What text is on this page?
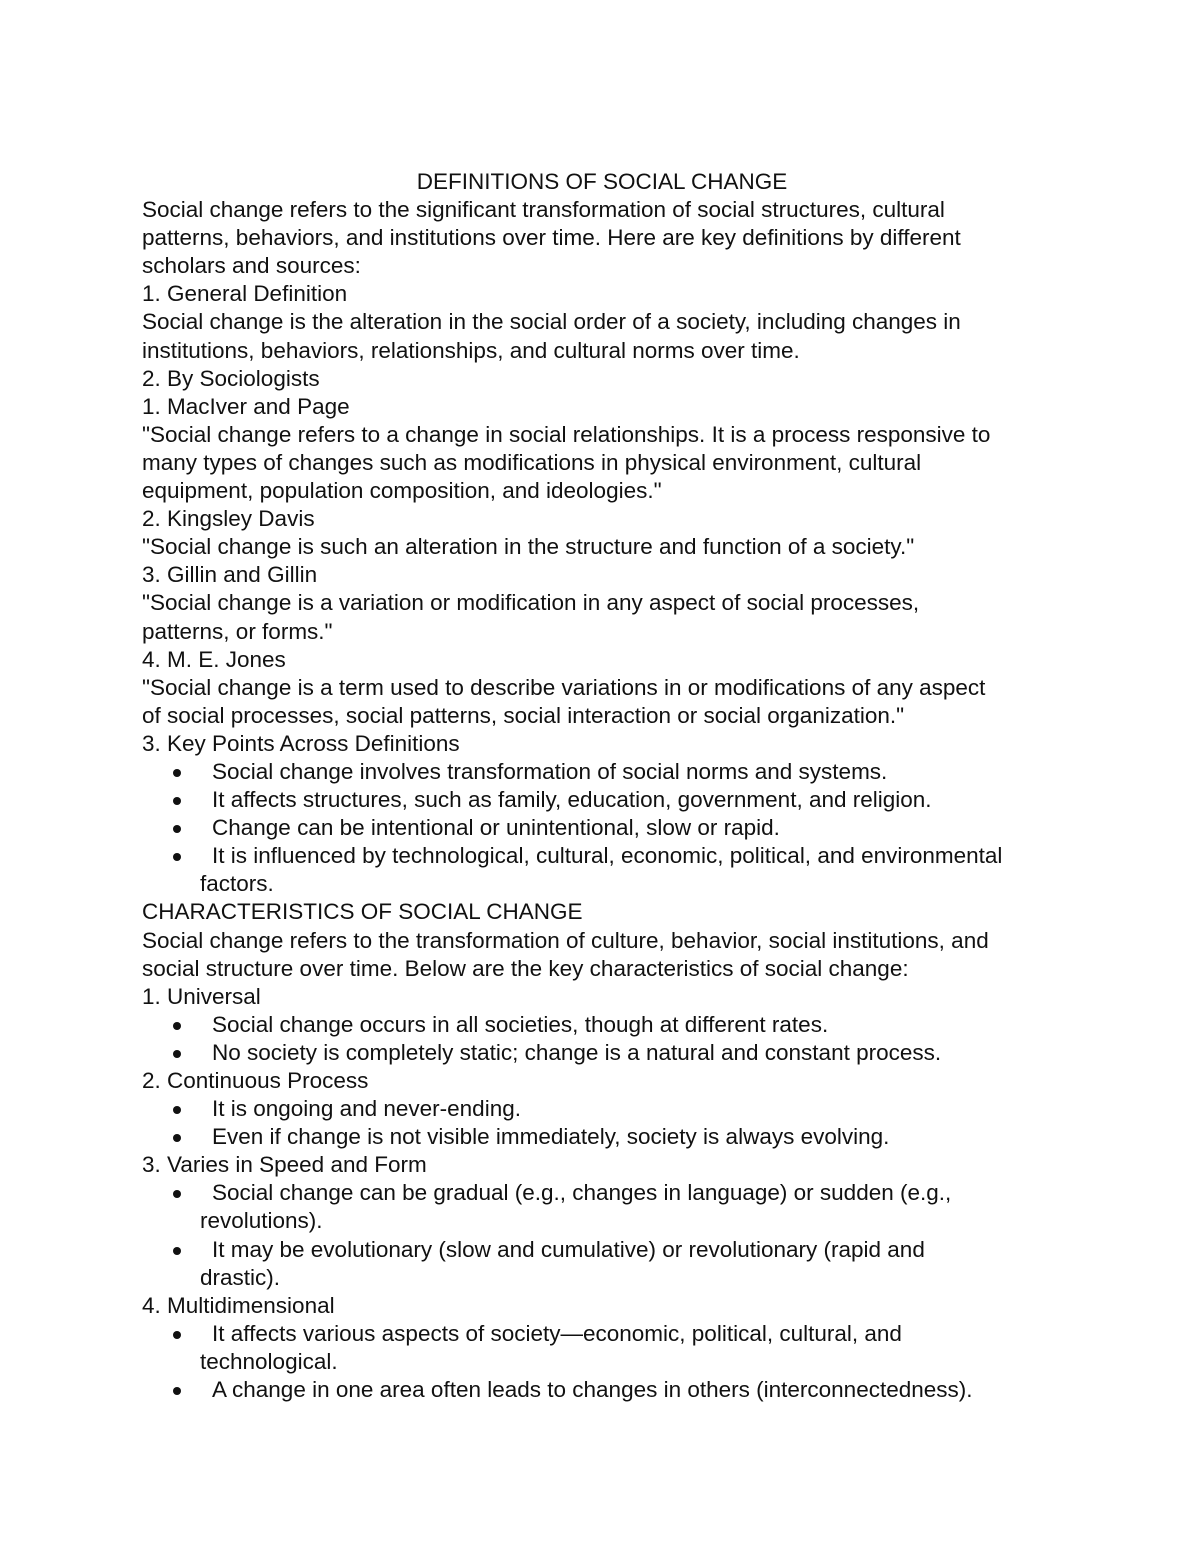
DEFINITIONS OF SOCIAL CHANGE
Social change refers to the significant transformation of social structures, cultural
patterns, behaviors, and institutions over time. Here are key definitions by different
scholars and sources:
1. General Definition
Social change is the alteration in the social order of a society, including changes in
institutions, behaviors, relationships, and cultural norms over time.
2. By Sociologists
1. MacIver and Page
"Social change refers to a change in social relationships. It is a process responsive to
many types of changes such as modifications in physical environment, cultural
equipment, population composition, and ideologies."
2. Kingsley Davis
"Social change is such an alteration in the structure and function of a society."
3. Gillin and Gillin
"Social change is a variation or modification in any aspect of social processes,
patterns, or forms."
4. M. E. Jones
"Social change is a term used to describe variations in or modifications of any aspect
of social processes, social patterns, social interaction or social organization."
3. Key Points Across Definitions
Social change involves transformation of social norms and systems.
It affects structures, such as family, education, government, and religion.
Change can be intentional or unintentional, slow or rapid.
It is influenced by technological, cultural, economic, political, and environmental
factors.
CHARACTERISTICS OF SOCIAL CHANGE
Social change refers to the transformation of culture, behavior, social institutions, and
social structure over time. Below are the key characteristics of social change:
1. Universal
Social change occurs in all societies, though at different rates.
No society is completely static; change is a natural and constant process.
2. Continuous Process
It is ongoing and never-ending.
Even if change is not visible immediately, society is always evolving.
3. Varies in Speed and Form
Social change can be gradual (e.g., changes in language) or sudden (e.g.,
revolutions).
It may be evolutionary (slow and cumulative) or revolutionary (rapid and
drastic).
4. Multidimensional
It affects various aspects of society—economic, political, cultural, and
technological.
A change in one area often leads to changes in others (interconnectedness).
